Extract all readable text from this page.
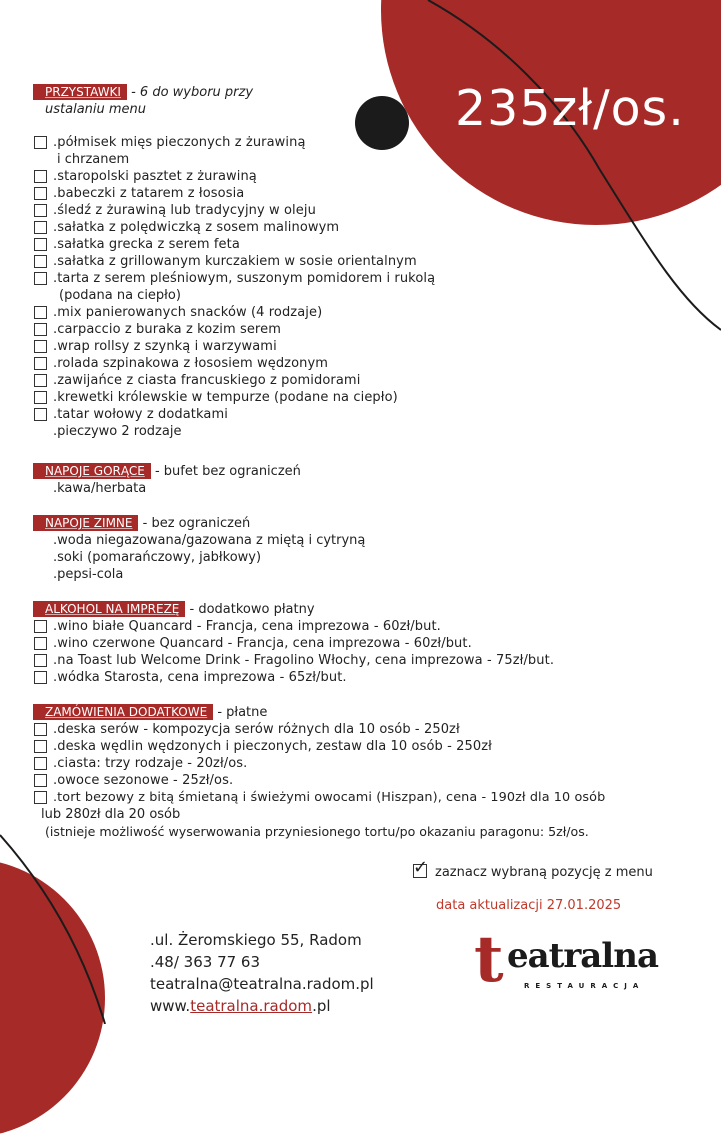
235zł/os.
PRZYSTAWKI - 6 do wyboru przy
ustalaniu menu
.półmisek mięs pieczonych z żurawiną
i chrzanem
.staropolski pasztet z żurawiną
.babeczki z tatarem z łososia
.śledź z żurawiną lub tradycyjny w oleju
.sałatka z polędwiczką z sosem malinowym
.sałatka grecka z serem feta
.sałatka z grillowanym kurczakiem w sosie orientalnym
.tarta z serem pleśniowym, suszonym pomidorem i rukolą
(podana na ciepło)
.mix panierowanych snacków (4 rodzaje)
.carpaccio z buraka z kozim serem
.wrap rollsy z szynką i warzywami
.rolada szpinakowa z łososiem wędzonym
.zawijańce z ciasta francuskiego z pomidorami
.krewetki królewskie w tempurze (podane na ciepło)
.tatar wołowy z dodatkami
.pieczywo 2 rodzaje
NAPOJE GORĄCE - bufet bez ograniczeń
.kawa/herbata
NAPOJE ZIMNE - bez ograniczeń
.woda niegazowana/gazowana z miętą i cytryną
.soki (pomarańczowy, jabłkowy)
.pepsi-cola
ALKOHOL NA IMPREZĘ - dodatkowo płatny
.wino białe Quancard - Francja, cena imprezowa - 60zł/but.
.wino czerwone Quancard - Francja, cena imprezowa - 60zł/but.
.na Toast lub Welcome Drink - Fragolino Włochy, cena imprezowa - 75zł/but.
.wódka Starosta, cena imprezowa - 65zł/but.
ZAMÓWIENIA DODATKOWE - płatne
.deska serów - kompozycja serów różnych dla 10 osób - 250zł
.deska wędlin wędzonych i pieczonych, zestaw dla 10 osób - 250zł
.ciasta: trzy rodzaje - 20zł/os.
.owoce sezonowe - 25zł/os.
.tort bezowy z bitą śmietaną i świeżymi owocami (Hiszpan), cena - 190zł dla 10 osób
lub 280zł dla 20 osób
(istnieje możliwość wyserwowania przyniesionego tortu/po okazaniu paragonu: 5zł/os.
✓ zaznacz wybraną pozycję z menu
data aktualizacji 27.01.2025
.ul. Żeromskiego 55, Radom
.48/ 363 77 63
teatralna@teatralna.radom.pl
www.teatralna.radom.pl
t eatralna
RESTAURACJA
